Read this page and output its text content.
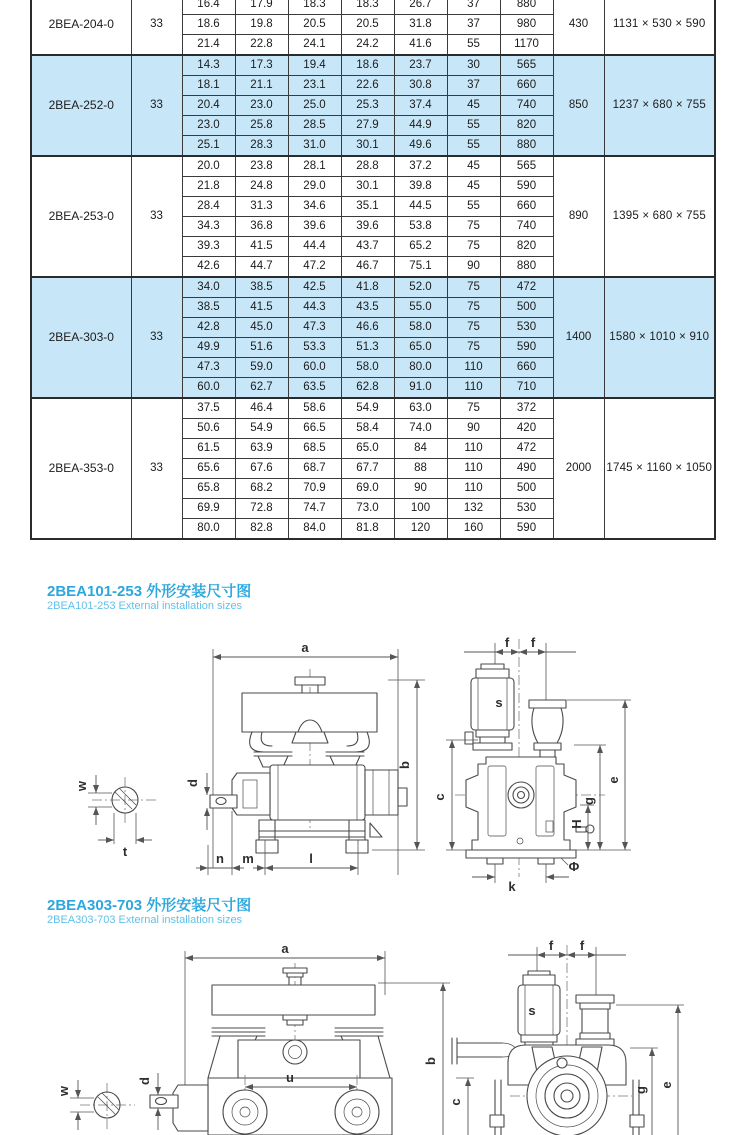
2BEA-204-0	33	16.4	17.9	18.3	18.3	26.7	37	880	430	1131 × 530 × 590
		18.6	19.8	20.5	20.5	31.8	37	980		
		21.4	22.8	24.1	24.2	41.6	55	1170		
2BEA-252-0	33	14.3	17.3	19.4	18.6	23.7	30	565	850	1237 × 680 × 755
		18.1	21.1	23.1	22.6	30.8	37	660		
		20.4	23.0	25.0	25.3	37.4	45	740		
		23.0	25.8	28.5	27.9	44.9	55	820		
		25.1	28.3	31.0	30.1	49.6	55	880		
2BEA-253-0	33	20.0	23.8	28.1	28.8	37.2	45	565	890	1395 × 680 × 755
		21.8	24.8	29.0	30.1	39.8	45	590		
		28.4	31.3	34.6	35.1	44.5	55	660		
		34.3	36.8	39.6	39.6	53.8	75	740		
		39.3	41.5	44.4	43.7	65.2	75	820		
		42.6	44.7	47.2	46.7	75.1	90	880		
2BEA-303-0	33	34.0	38.5	42.5	41.8	52.0	75	472	1400	1580 × 1010 × 910
		38.5	41.5	44.3	43.5	55.0	75	500		
		42.8	45.0	47.3	46.6	58.0	75	530		
		49.9	51.6	53.3	51.3	65.0	75	590		
		47.3	59.0	60.0	58.0	80.0	110	660		
		60.0	62.7	63.5	62.8	91.0	110	710		
2BEA-353-0	33	37.5	46.4	58.6	54.9	63.0	75	372	2000	1745 × 1160 × 1050
		50.6	54.9	66.5	58.4	74.0	90	420		
		61.5	63.9	68.5	65.0	84	110	472		
		65.6	67.6	68.7	67.7	88	110	490		
		65.8	68.2	70.9	69.0	90	110	500		
		69.9	72.8	74.7	73.0	100	132	530		
		80.0	82.8	84.0	81.8	120	160	590		
2BEA101-253 外形安装尺寸图
2BEA101-253 External installation sizes
w
t
a
d
n m	l
b
f f
s
c
g
e
H
Φ
k
2BEA303-703 外形安装尺寸图
2BEA303-703 External installation sizes
w
a
u
d
b
c
f f
s
g
e
